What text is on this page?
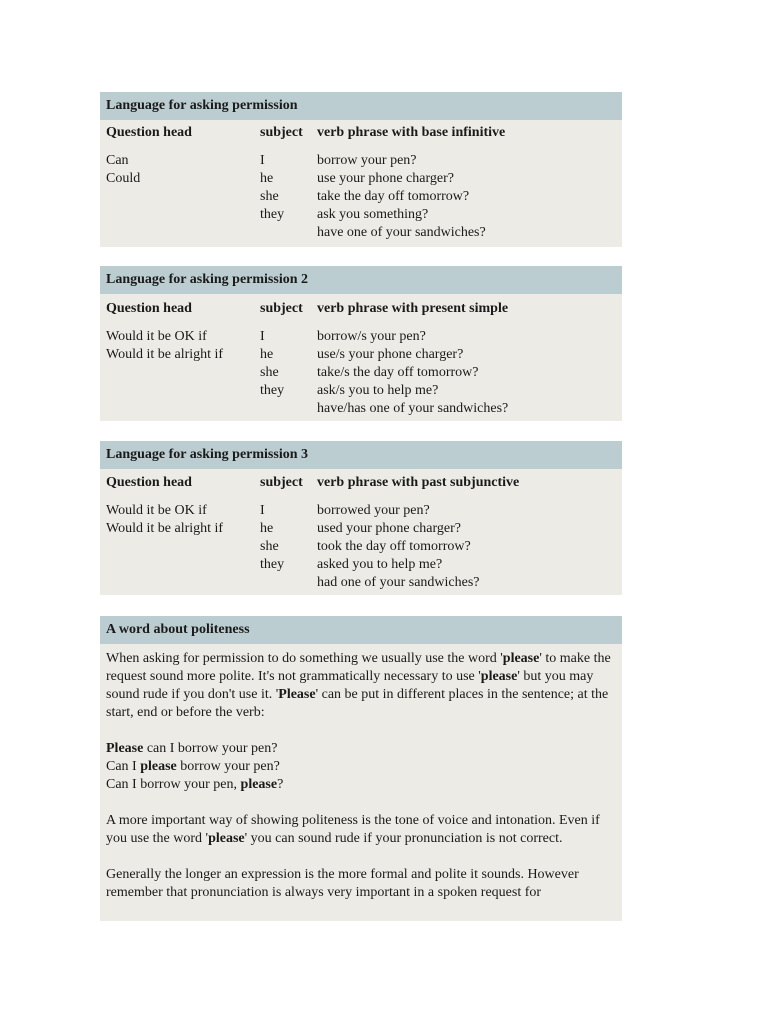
Language for asking permission
Question head
Can
Could
subject
I
he
she
they
verb phrase with base infinitive
borrow your pen?
use your phone charger?
take the day off tomorrow?
ask you something?
have one of your sandwiches?
Language for asking permission 2
Question head
Would it be OK if
Would it be alright if
subject
I
he
she
they
verb phrase with present simple
borrow/s your pen?
use/s your phone charger?
take/s the day off tomorrow?
ask/s you to help me?
have/has one of your sandwiches?
Language for asking permission 3
Question head
Would it be OK if
Would it be alright if
subject
I
he
she
they
verb phrase with past subjunctive
borrowed your pen?
used your phone charger?
took the day off tomorrow?
asked you to help me?
had one of your sandwiches?
A word about politeness

When asking for permission to do something we usually use the word 'please' to make the request sound more polite. It's not grammatically necessary to use 'please' but you may sound rude if you don't use it. 'Please' can be put in different places in the sentence; at the start, end or before the verb:

Please can I borrow your pen?
Can I please borrow your pen?
Can I borrow your pen, please?

A more important way of showing politeness is the tone of voice and intonation. Even if you use the word 'please' you can sound rude if your pronunciation is not correct.

Generally the longer an expression is the more formal and polite it sounds. However remember that pronunciation is always very important in a spoken request for
